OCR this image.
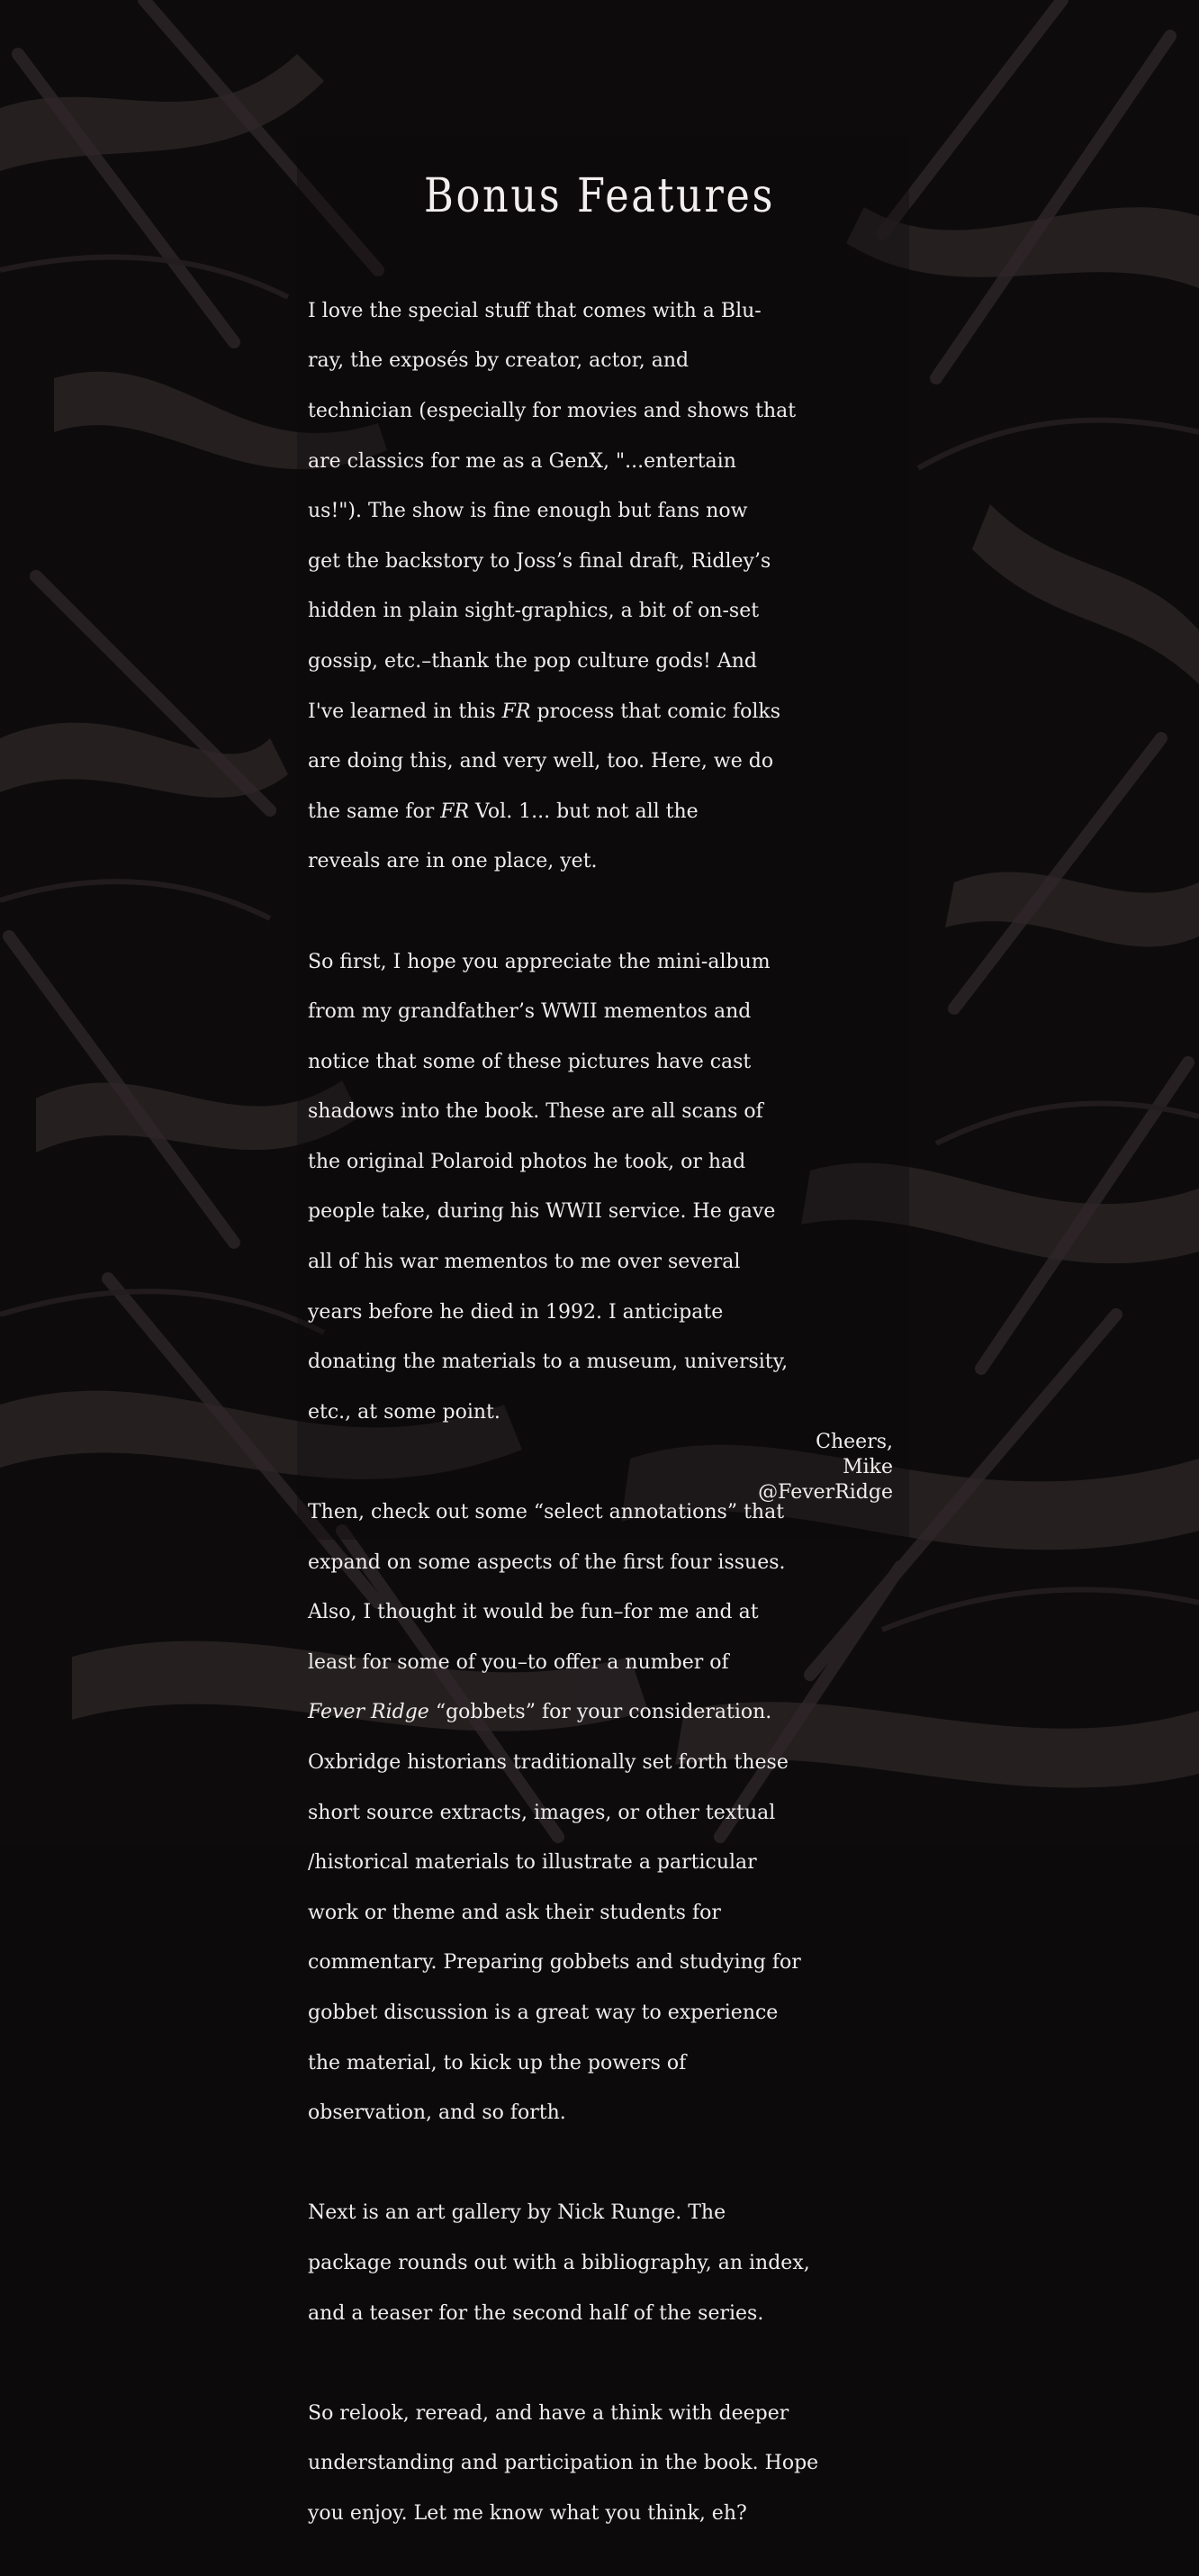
Bonus Features

I love the special stuff that comes with a Blu-

ray, the exposés by creator, actor, and

technician (especially for movies and shows that

are classics for me as a GenX, "...entertain

us!"). The show is fine enough but fans now

get the backstory to Joss’s final draft, Ridley’s

hidden in plain sight-graphics, a bit of on-set

gossip, etc.–thank the pop culture gods! And

I've learned in this FR process that comic folks

are doing this, and very well, too. Here, we do

the same for FR Vol. 1... but not all the

reveals are in one place, yet.

So first, I hope you appreciate the mini-album

from my grandfather’s WWII mementos and

notice that some of these pictures have cast

shadows into the book. These are all scans of

the original Polaroid photos he took, or had

people take, during his WWII service. He gave

all of his war mementos to me over several

years before he died in 1992. I anticipate

donating the materials to a museum, university,

etc., at some point.

Then, check out some “select annotations” that

expand on some aspects of the first four issues.

Also, I thought it would be fun–for me and at

least for some of you–to offer a number of

Fever Ridge “gobbets” for your consideration.

Oxbridge historians traditionally set forth these

short source extracts, images, or other textual

/historical materials to illustrate a particular

work or theme and ask their students for

commentary. Preparing gobbets and studying for

gobbet discussion is a great way to experience

the material, to kick up the powers of

observation, and so forth.

Next is an art gallery by Nick Runge. The

package rounds out with a bibliography, an index,

and a teaser for the second half of the series.

So relook, reread, and have a think with deeper

understanding and participation in the book. Hope

you enjoy. Let me know what you think, eh?

Cheers,
Mike
@FeverRidge
